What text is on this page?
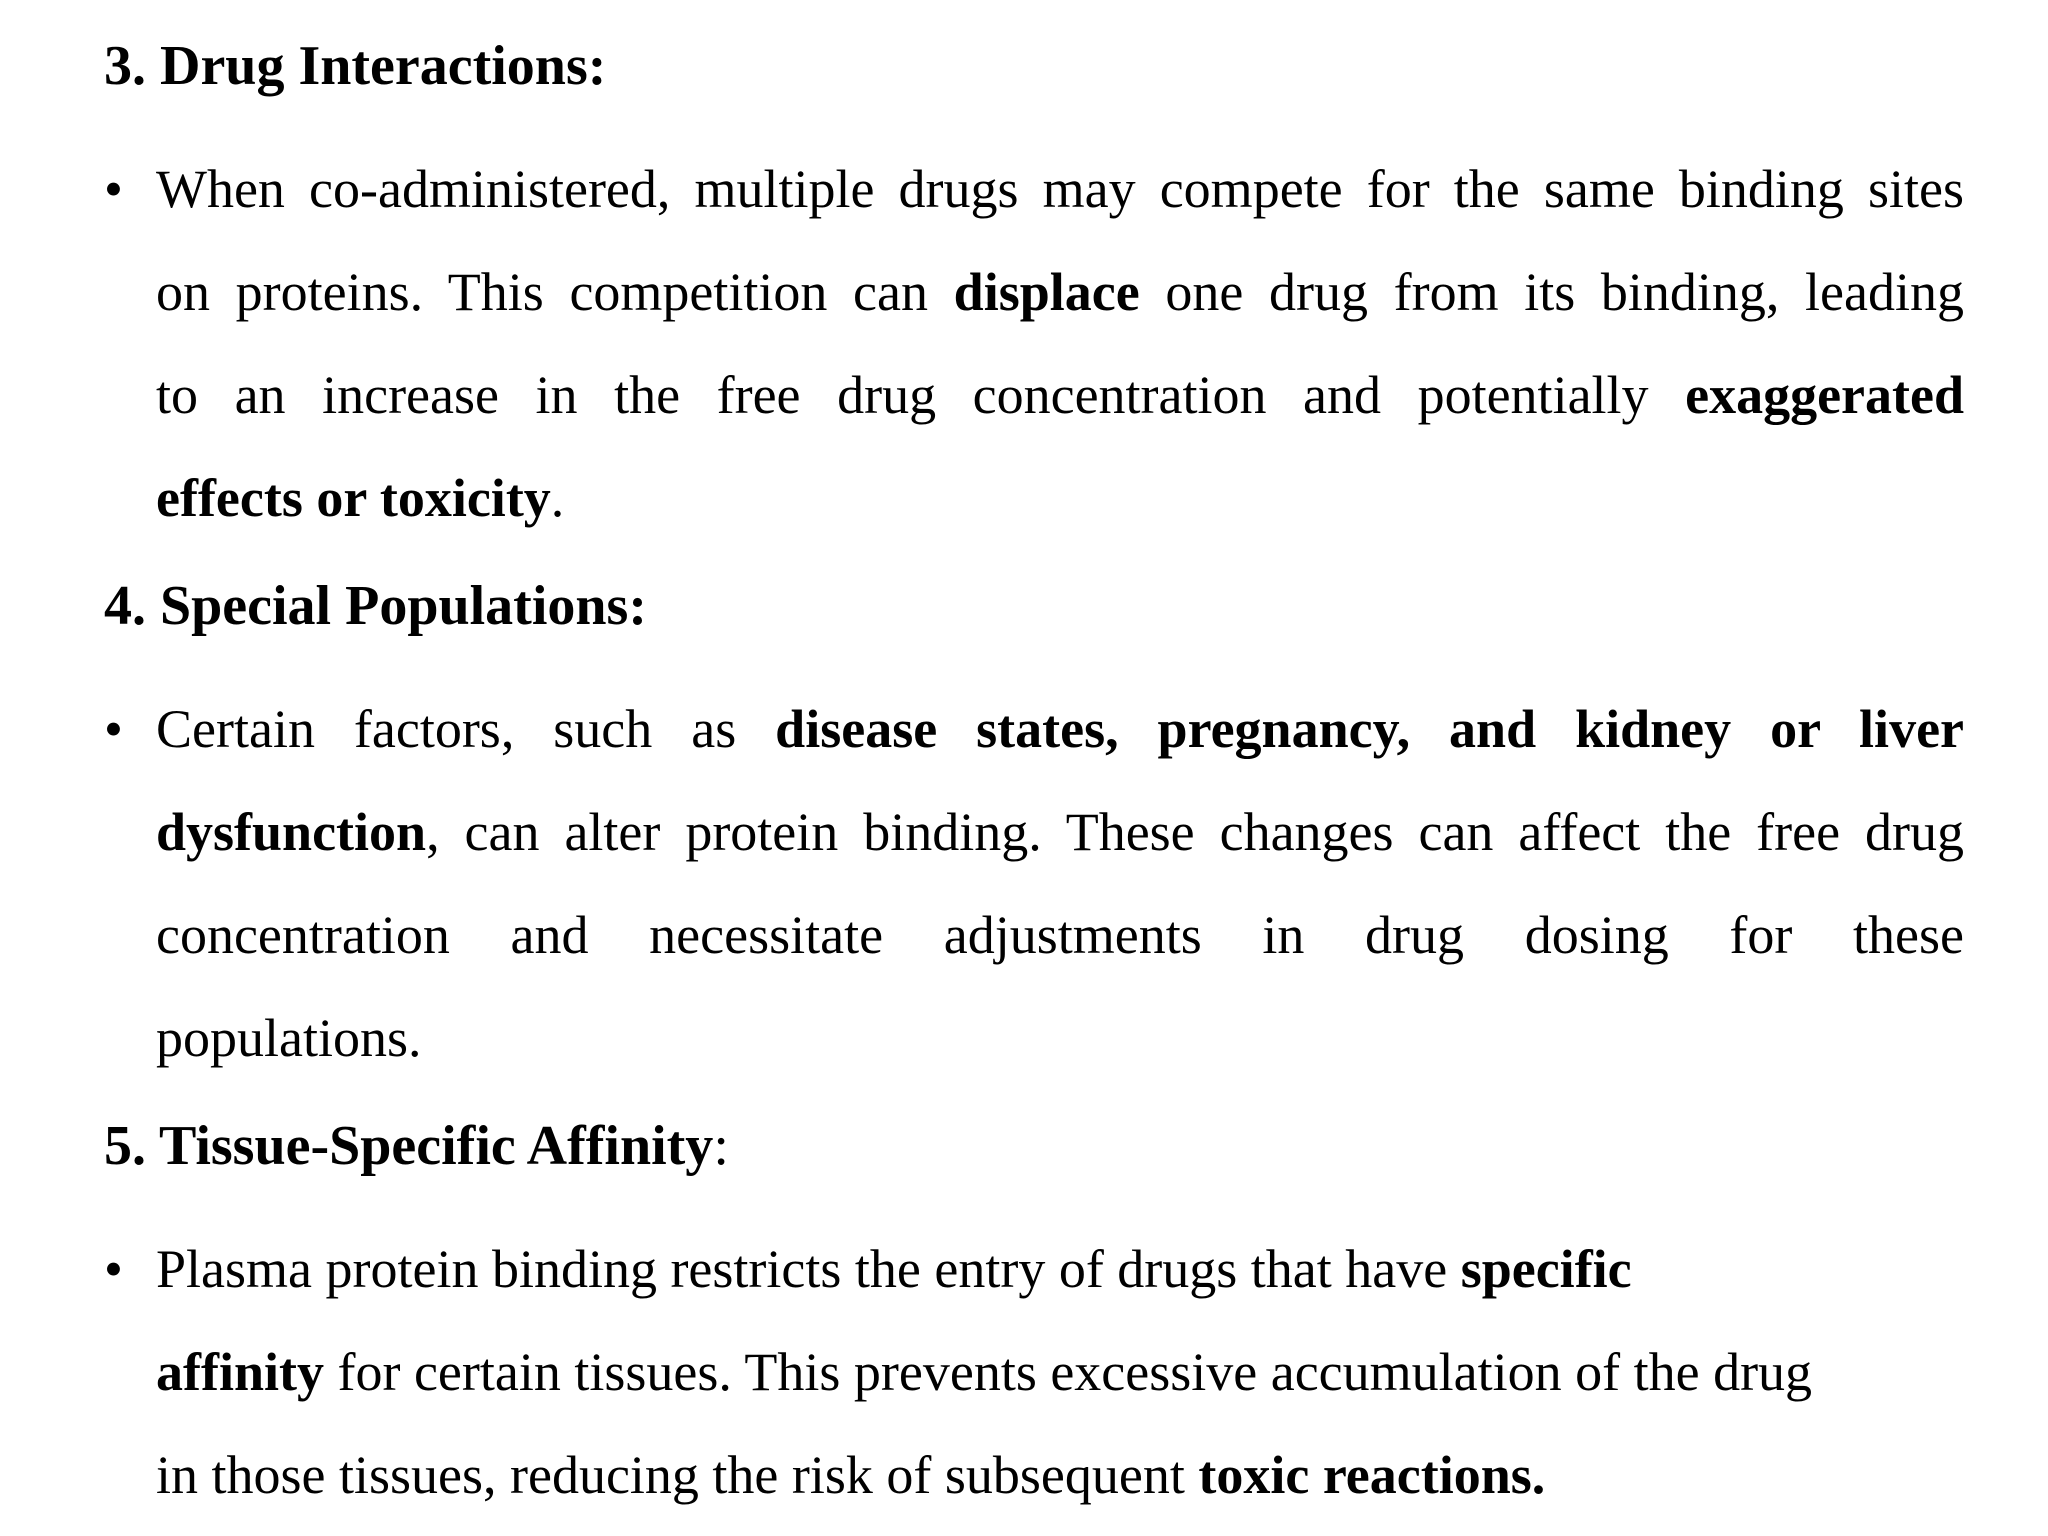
3. Drug Interactions:
• When co-administered, multiple drugs may compete for the same binding sites
on proteins. This competition can displace one drug from its binding, leading
to an increase in the free drug concentration and potentially exaggerated
effects or toxicity.
4. Special Populations:
• Certain factors, such as disease states, pregnancy, and kidney or liver
dysfunction, can alter protein binding. These changes can affect the free drug
concentration and necessitate adjustments in drug dosing for these
populations.
5. Tissue-Specific Affinity:
• Plasma protein binding restricts the entry of drugs that have specific
affinity for certain tissues. This prevents excessive accumulation of the drug
in those tissues, reducing the risk of subsequent toxic reactions.
